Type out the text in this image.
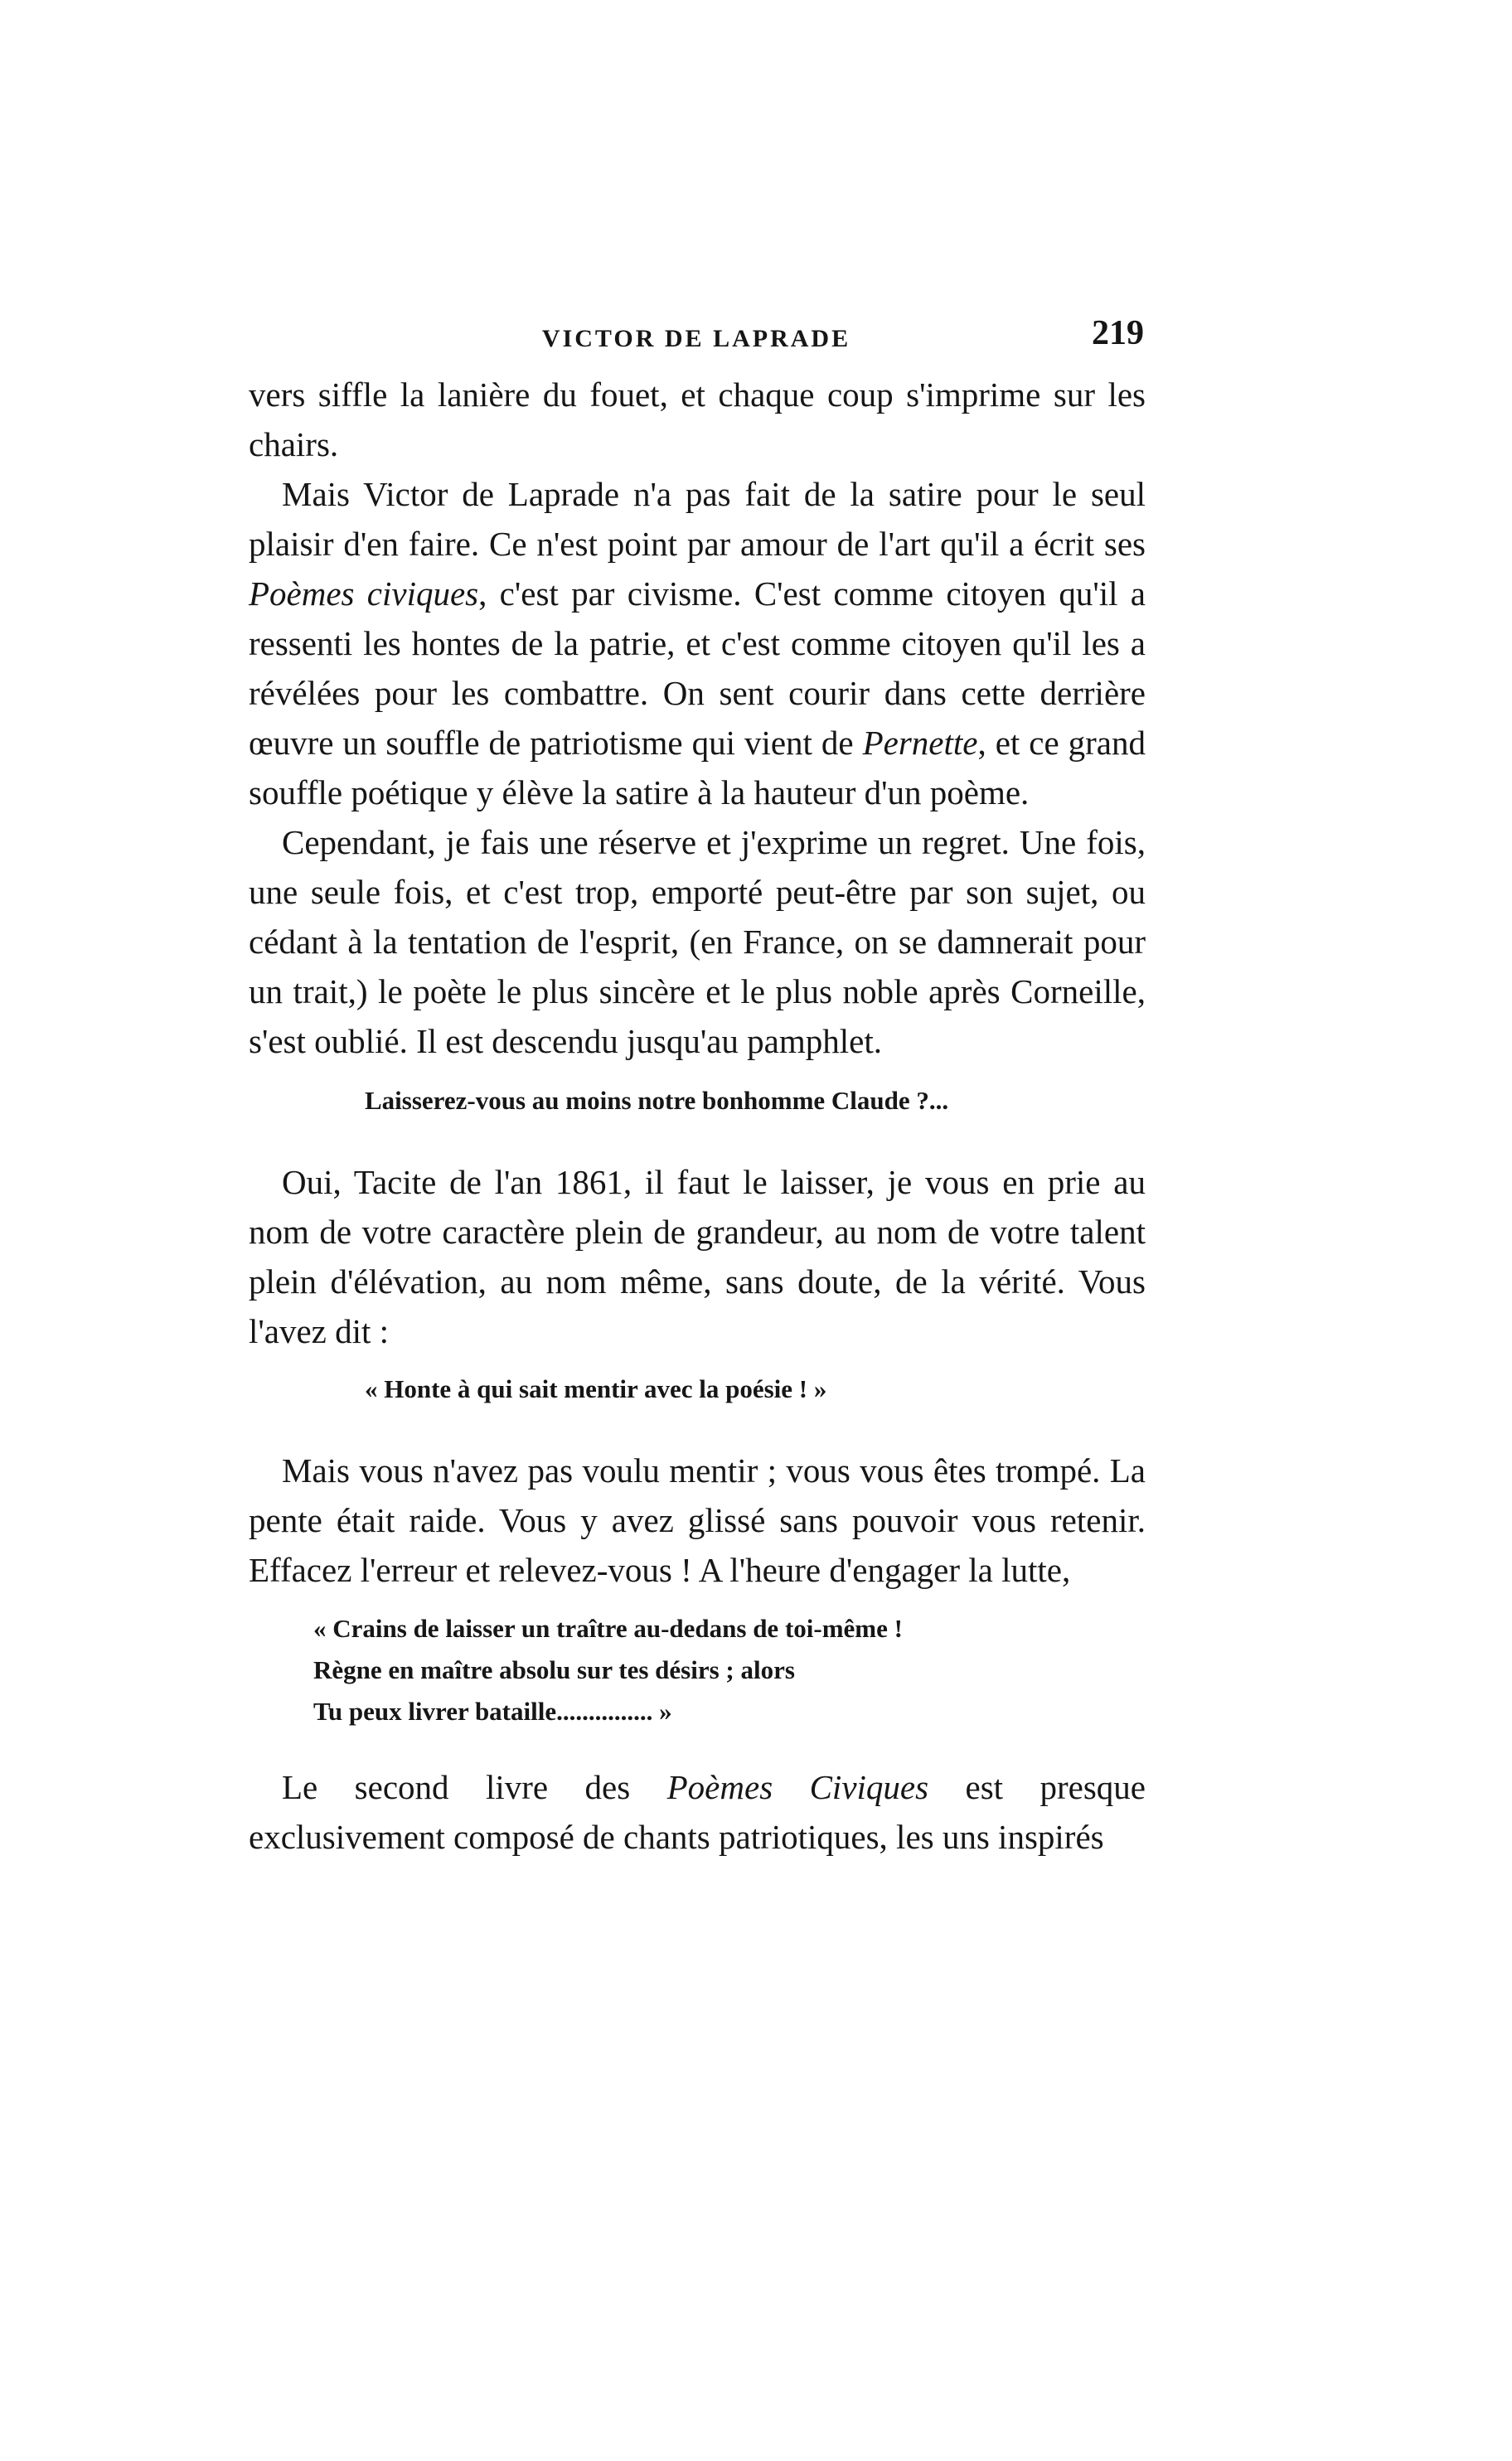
VICTOR DE LAPRADE	219

vers siffle la lanière du fouet, et chaque coup s'imprime sur les chairs.

Mais Victor de Laprade n'a pas fait de la satire pour le seul plaisir d'en faire. Ce n'est point par amour de l'art qu'il a écrit ses Poèmes civiques, c'est par civisme. C'est comme citoyen qu'il a ressenti les hontes de la patrie, et c'est comme citoyen qu'il les a révélées pour les combattre. On sent courir dans cette derrière œuvre un souffle de patriotisme qui vient de Pernette, et ce grand souffle poétique y élève la satire à la hauteur d'un poème.

Cependant, je fais une réserve et j'exprime un regret. Une fois, une seule fois, et c'est trop, emporté peut-être par son sujet, ou cédant à la tentation de l'esprit, (en France, on se damnerait pour un trait,) le poète le plus sincère et le plus noble après Corneille, s'est oublié. Il est descendu jusqu'au pamphlet.

Laisserez-vous au moins notre bonhomme Claude ?...

Oui, Tacite de l'an 1861, il faut le laisser, je vous en prie au nom de votre caractère plein de grandeur, au nom de votre talent plein d'élévation, au nom même, sans doute, de la vérité. Vous l'avez dit :

« Honte à qui sait mentir avec la poésie ! »

Mais vous n'avez pas voulu mentir ; vous vous êtes trompé. La pente était raide. Vous y avez glissé sans pouvoir vous retenir. Effacez l'erreur et relevez-vous ! A l'heure d'engager la lutte,

« Crains de laisser un traître au-dedans de toi-même !
Règne en maître absolu sur tes désirs ; alors
Tu peux livrer bataille............... »

Le second livre des Poèmes Civiques est presque exclusivement composé de chants patriotiques, les uns inspirés
